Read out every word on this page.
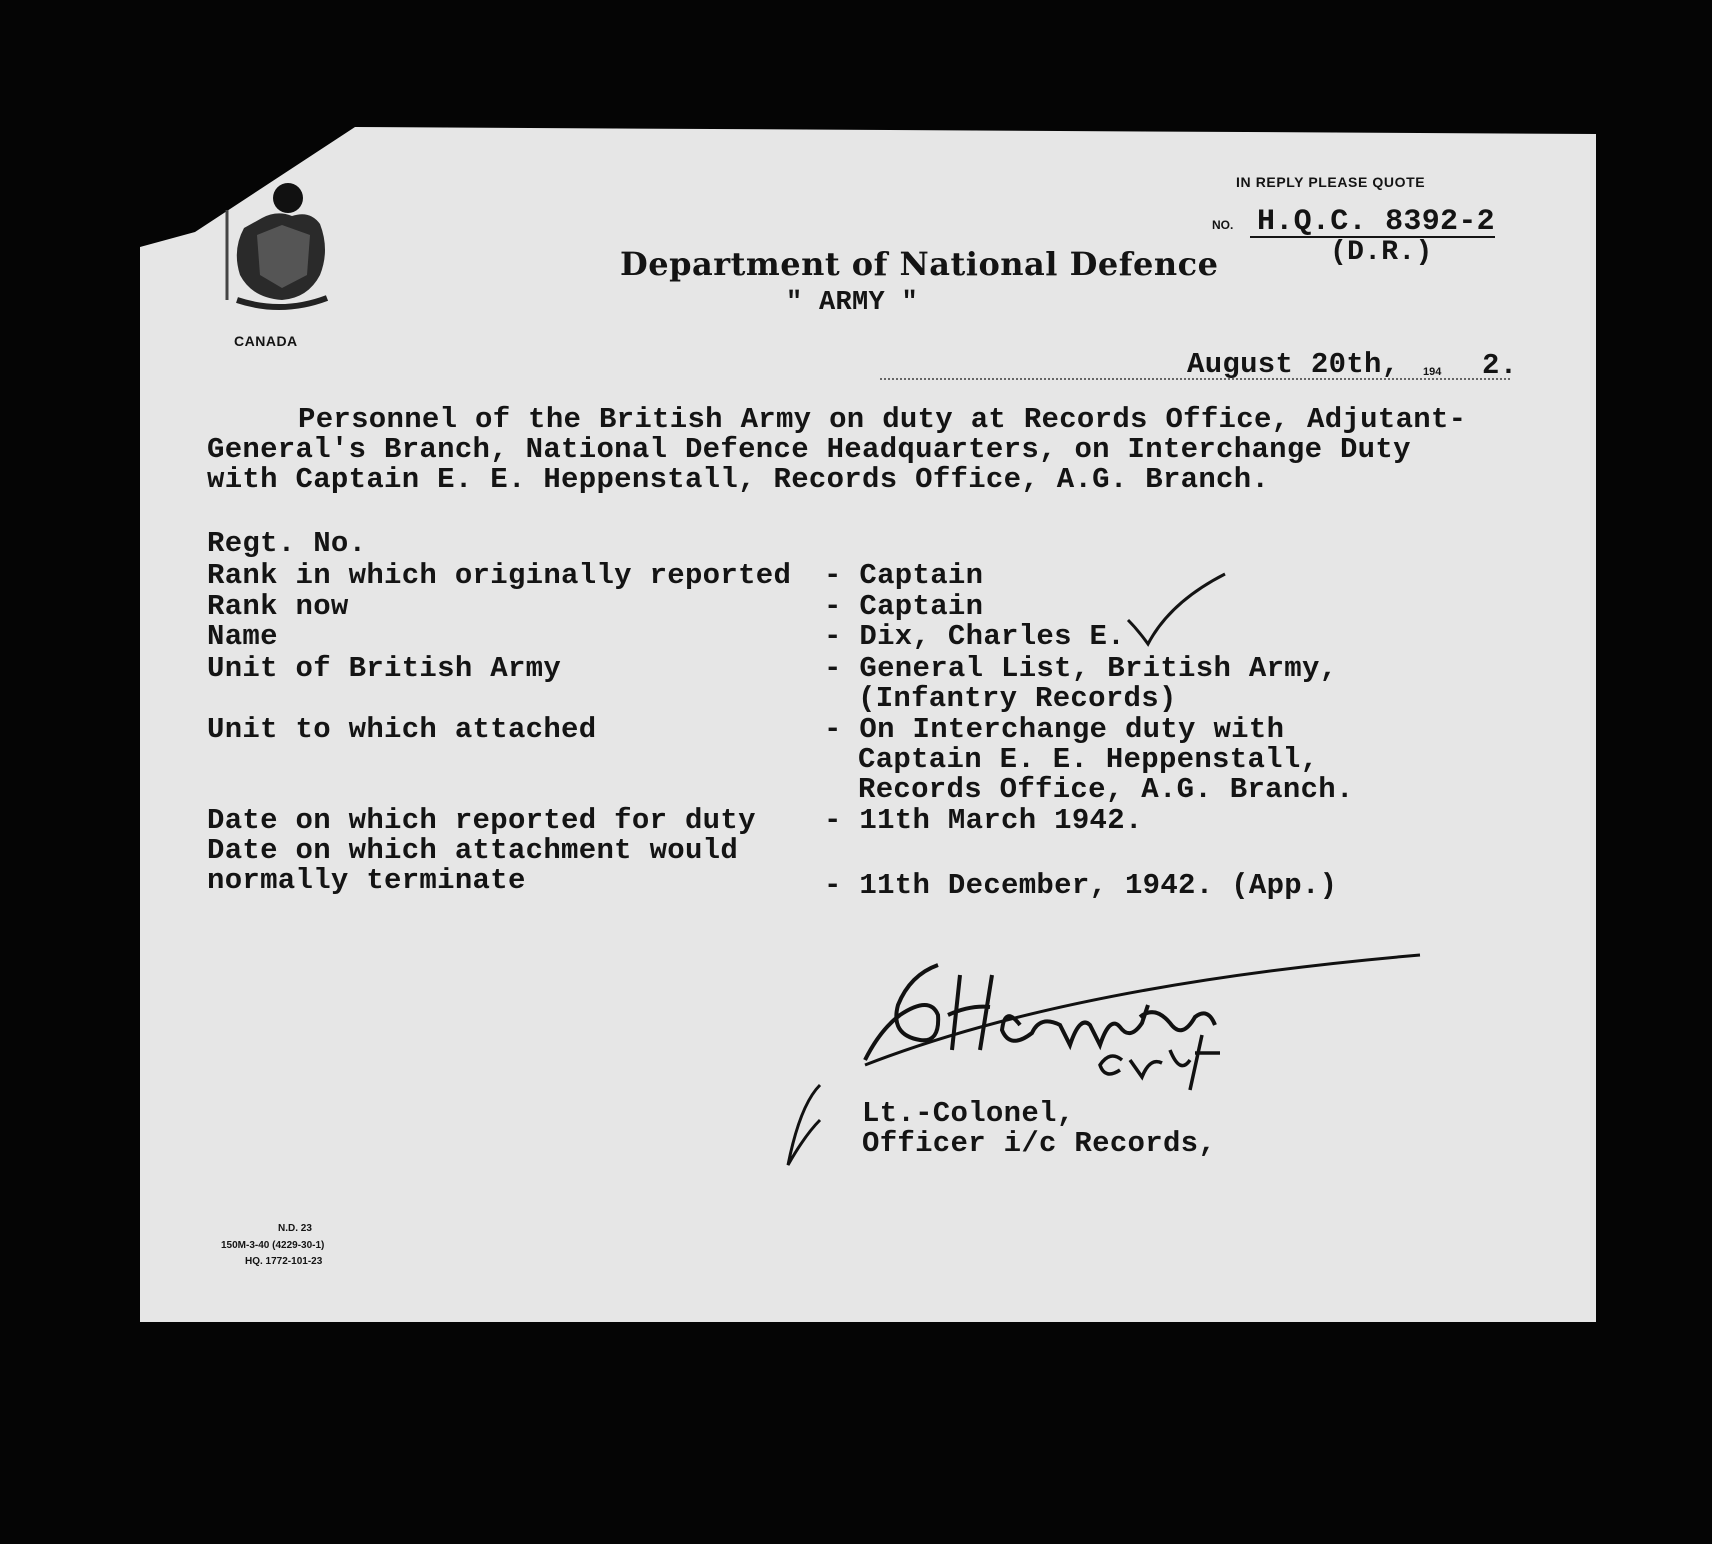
CANADA
Department of National Defence
" ARMY "
IN REPLY PLEASE QUOTE
NO. H.Q.C. 8392-2
(D.R.)
August 20th, 194 2.
Personnel of the British Army on duty at Records Office, Adjutant-
General's Branch, National Defence Headquarters, on Interchange Duty
with Captain E. E. Heppenstall, Records Office, A.G. Branch.
Regt. No.
Rank in which originally reported - Captain
Rank now	- Captain
Name	- Dix, Charles E.
Unit of British Army	- General List, British Army,
(Infantry Records)
Unit to which attached	- On Interchange duty with
Captain E. E. Heppenstall,
Records Office, A.G. Branch.
Date on which reported for duty - 11th March 1942.
Date on which attachment would
normally terminate	- 11th December, 1942. (App.)
Lt.-Colonel,
Officer i/c Records,
N.D. 23
150M-3-40 (4229-30-1)
HQ. 1772-101-23
